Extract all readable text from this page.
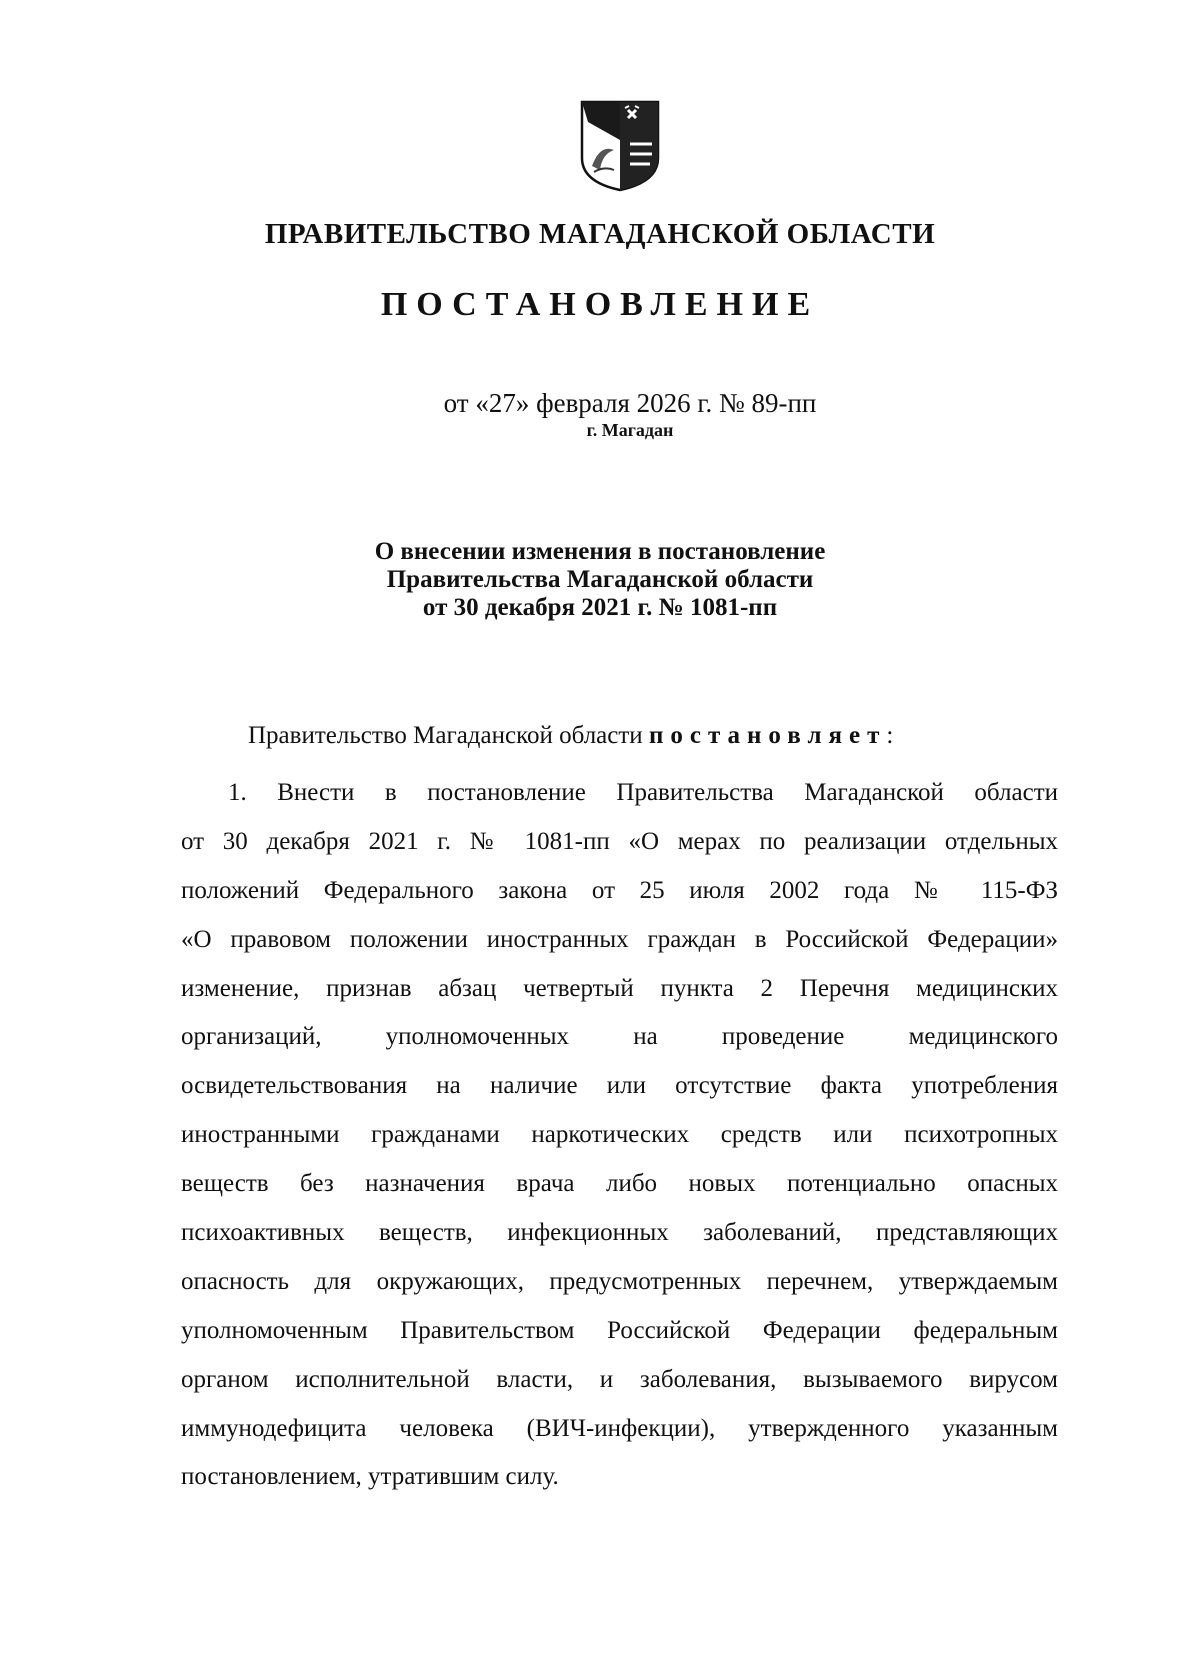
ПРАВИТЕЛЬСТВО МАГАДАНСКОЙ ОБЛАСТИ
ПОСТАНОВЛЕНИЕ
от «27» февраля 2026 г. № 89-пп
г. Магадан
О внесении изменения в постановление
Правительства Магаданской области
от 30 декабря 2021 г. № 1081-пп
Правительство Магаданской области постановляет:
1. Внести в постановление Правительства Магаданской области
от 30 декабря 2021 г. № 1081-пп «О мерах по реализации отдельных
положений Федерального закона от 25 июля 2002 года № 115-ФЗ
«О правовом положении иностранных граждан в Российской Федерации»
изменение, признав абзац четвертый пункта 2 Перечня медицинских
организаций, уполномоченных на проведение медицинского
освидетельствования на наличие или отсутствие факта употребления
иностранными гражданами наркотических средств или психотропных
веществ без назначения врача либо новых потенциально опасных
психоактивных веществ, инфекционных заболеваний, представляющих
опасность для окружающих, предусмотренных перечнем, утверждаемым
уполномоченным Правительством Российской Федерации федеральным
органом исполнительной власти, и заболевания, вызываемого вирусом
иммунодефицита человека (ВИЧ-инфекции), утвержденного указанным
постановлением, утратившим силу.
